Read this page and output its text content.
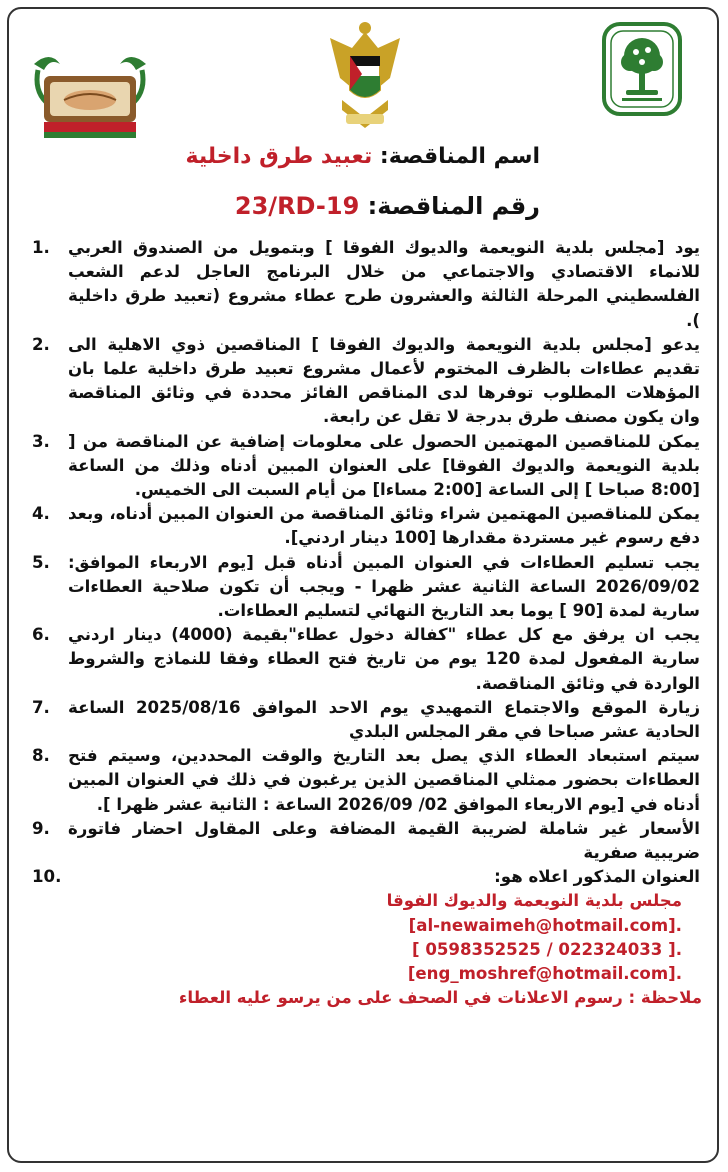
اسم المناقصة: تعبيد طرق داخلية
رقم المناقصة: 23/RD-19
يود [مجلس بلدية النويعمة والديوك الفوقا ] وبتمويل من الصندوق العربي للانماء الاقتصادي والاجتماعي من خلال البرنامج العاجل لدعم الشعب الفلسطيني المرحلة الثالثة والعشرون طرح عطاء مشروع (تعبيد طرق داخلية ).
1.
يدعو [مجلس بلدية النويعمة والديوك الفوقا ] المناقصين ذوي الاهلية الى تقديم عطاءات بالظرف المختوم لأعمال مشروع تعبيد طرق داخلية علما بان المؤهلات المطلوب توفرها لدى المناقص الفائز محددة في وثائق المناقصة وان يكون مصنف طرق بدرجة لا تقل عن رابعة.
2.
يمكن للمناقصين المهتمين الحصول على معلومات إضافية عن المناقصة من [ بلدية النويعمة والديوك الفوقا] على العنوان المبين أدناه وذلك من الساعة [8:00 صباحا ] إلى الساعة [2:00 مساءا] من أيام السبت الى الخميس.
3.
يمكن للمناقصين المهتمين شراء وثائق المناقصة من العنوان المبين أدناه، وبعد دفع رسوم غير مستردة مقدارها [100 دينار اردني].
4.
يجب تسليم العطاءات في العنوان المبين أدناه قبل [يوم الاربعاء الموافق: 2026/09/02 الساعة الثانية عشر ظهرا - ويجب أن تكون صلاحية العطاءات سارية لمدة [90 ] يوما بعد التاريخ النهائي لتسليم العطاءات.
5.
يجب ان يرفق مع كل عطاء "كفالة دخول عطاء"بقيمة (4000) دينار اردني سارية المفعول لمدة 120 يوم من تاريخ فتح العطاء وفقا للنماذج والشروط الواردة في وثائق المناقصة.
6.
زيارة الموقع والاجتماع التمهيدي يوم الاحد الموافق 2025/08/16 الساعة الحادية عشر صباحا في مقر المجلس البلدي
7.
سيتم استبعاد العطاء الذي يصل بعد التاريخ والوقت المحددين، وسيتم فتح العطاءات بحضور ممثلي المناقصين الذين يرغبون في ذلك في العنوان المبين أدناه في [يوم الاربعاء الموافق 02/ 2026/09 الساعة : الثانية عشر ظهرا ].
8.
الأسعار غير شاملة لضريبة القيمة المضافة وعلى المقاول احضار فاتورة ضريبية صفرية
9.
العنوان المذكور اعلاه هو:
10.
مجلس بلدية النويعمة والديوك الفوقا
[al-newaimeh@hotmail.com].
[ 0598352525 / 022324033 ].
[eng_moshref@hotmail.com].
ملاحظة : رسوم الاعلانات في الصحف على من يرسو عليه العطاء
